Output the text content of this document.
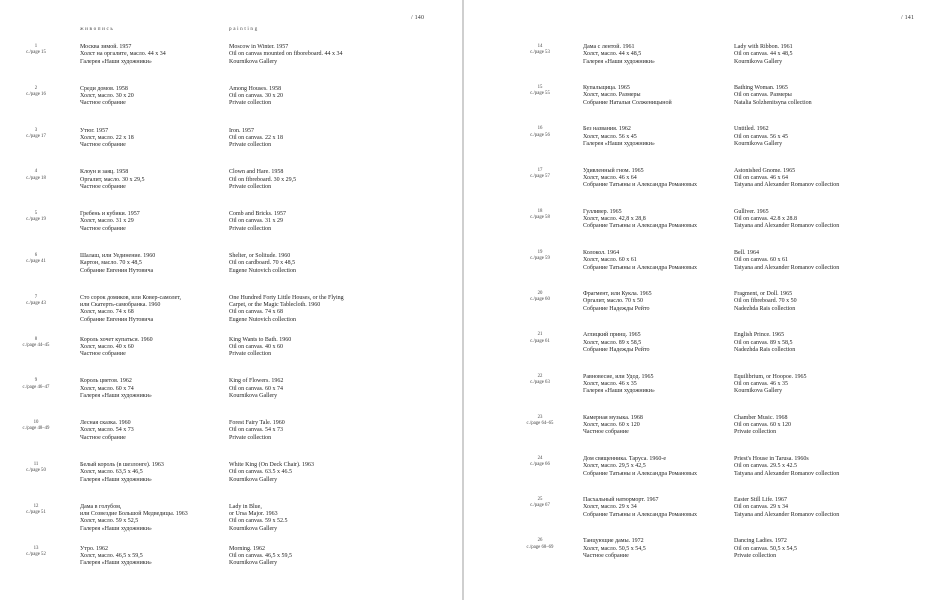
живопись	painting
/ 140
1
с./page 15
Москва зимой. 1957
Холст на оргалите, масло. 44 х 34
Галерея «Наши художники»
Moscow in Winter. 1957
Oil on canvas mounted on fiboreboard. 44 x 34
Kournikova Gallery
2
с./page 16
Среди домов. 1958
Холст, масло. 30 х 20
Частное собрание
Among Houses. 1958
Oil on canvas. 30 x 20
Private collection
3
с./page 17
Утюг. 1957
Холст, масло. 22 х 18
Частное собрание
Iron. 1957
Oil on canvas. 22 x 18
Private collection
4
с./page 18
Клоун и заяц. 1958
Оргалит, масло. 30 х 29,5
Частное собрание
Clown and Hare. 1958
Oil on fibreboard. 30 x 29,5
Private collection
5
с./page 19
Гребень и кубики. 1957
Холст, масло. 31 х 29
Частное собрание
Comb and Bricks. 1957
Oil on canvas. 31 x 29
Private collection
6
с./page 41
Шалаш, или Уединение. 1960
Картон, масло. 70 х 48,5
Собрание Евгения Нутовича
Shelter, or Solitude. 1960
Oil on cardboard. 70 x 48,5
Eugene Nutovich collection
7
с./page 43
Сто сорок домиков, или Ковер-самолет,
или Скатерть-самобранка. 1960
Холст, масло. 74 х 68
Собрание Евгения Нутовича
One Hundred Forty Little Houses, or the Flying
Carpet, or the Magic Tablecloth. 1960
Oil on canvas. 74 x 68
Eugene Nutovich collection
8
с./page 44–45
Король хочет купаться. 1960
Холст, масло. 40 х 60
Частное собрание
King Wants to Bath. 1960
Oil on canvas. 40 x 60
Private collection
9
с./page 46–47
Король цветов. 1962
Холст, масло. 60 х 74
Галерея «Наши художники»
King of Flowers. 1962
Oil on canvas. 60 x 74
Kournikova Gallery
10
с./page 48–49
Лесная сказка. 1960
Холст, масло. 54 х 73
Частное собрание
Forest Fairy Tale. 1960
Oil on canvas. 54 x 73
Private collection
11
с./page 50
Белый король (в шезлонге). 1963
Холст, масло. 63,5 х 46,5
Галерея «Наши художники»
White King (On Deck Chair). 1963
Oil on canvas. 63.5 x 46.5
Kournikova Gallery
12
с./page 51
Дама в голубом,
или Созвездие Большой Медведицы. 1963
Холст, масло. 59 х 52,5
Галерея «Наши художники»
Lady in Blue,
or Ursa Major. 1963
Oil on canvas. 59 x 52.5
Kournikova Gallery
13
с./page 52
Утро. 1962
Холст, масло. 46,5 х 59,5
Галерея «Наши художники»
Morning. 1962
Oil on canvas. 46,5 x 59,5
Kournikova Gallery
/ 141
14
с./page 53
Дама с лентой. 1961
Холст, масло. 44 х 48,5
Галерея «Наши художники»
Lady with Ribbon. 1961
Oil on canvas. 44 x 48,5
Kournikova Gallery
15
с./page 55
Купальщица. 1965
Холст, масло. Размеры
Собрание Натальи Солженицыной
Bathing Woman. 1965
Oil on canvas. Размеры
Natalia Solzhenitsyna collection
16
с./page 56
Без названия. 1962
Холст, масло. 56 х 45
Галерея «Наши художники»
Untitled. 1962
Oil on canvas. 56 x 45
Kournikova Gallery
17
с./page 57
Удивленный гном. 1965
Холст, масло. 46 х 64
Собрание Татьяны и Александра Романовых
Astonished Gnome. 1965
Oil on canvas. 46 x 64
Tatyana and Alexander Romanov collection
18
с./page 58
Гулливер. 1965
Холст, масло. 42,8 х 28,8
Собрание Татьяны и Александра Романовых
Gulliver. 1965
Oil on canvas. 42.8 x 28.8
Tatyana and Alexander Romanov collection
19
с./page 59
Колокол. 1964
Холст, масло. 60 х 61
Собрание Татьяны и Александра Романовых
Bell. 1964
Oil on canvas. 60 x 61
Tatyana and Alexander Romanov collection
20
с./page 60
Фрагмент, или Кукла. 1965
Оргалит, масло. 70 х 50
Собрание Надежды Peйто
Fragment, or Doll. 1965
Oil on fibreboard. 70 x 50
Nadezhda Rais collection
21
с./page 61
Аглицкий принц. 1965
Холст, масло. 89 х 58,5
Собрание Надежды Peйто
English Prince. 1965
Oil on canvas. 89 x 58,5
Nadezhda Rais collection
22
с./page 63
Равновесие, или Удод. 1965
Холст, масло. 46 х 35
Галерея «Наши художники»
Equilibrium, or Hoopoe. 1965
Oil on canvas. 46 x 35
Kournikova Gallery
23
с./page 64–65
Камерная музыка. 1968
Холст, масло. 60 х 120
Частное собрание
Chamber Music. 1968
Oil on canvas. 60 x 120
Private collection
24
с./page 66
Дом священника. Таруса. 1960-е
Холст, масло. 29,5 х 42,5
Собрание Татьяны и Александра Романовых
Priest's House in Tarusa. 1960s
Oil on canvas. 29.5 x 42.5
Tatyana and Alexander Romanov collection
25
с./page 67
Пасхальный натюрморт. 1967
Холст, масло. 29 х 34
Собрание Татьяны и Александра Романовых
Easter Still Life. 1967
Oil on canvas. 29 x 34
Tatyana and Alexander Romanov collection
26
с./page 68–69
Танцующие дамы. 1972
Холст, масло. 50,5 х 54,5
Частное собрание
Dancing Ladies. 1972
Oil on canvas. 50,5 x 54,5
Private collection
